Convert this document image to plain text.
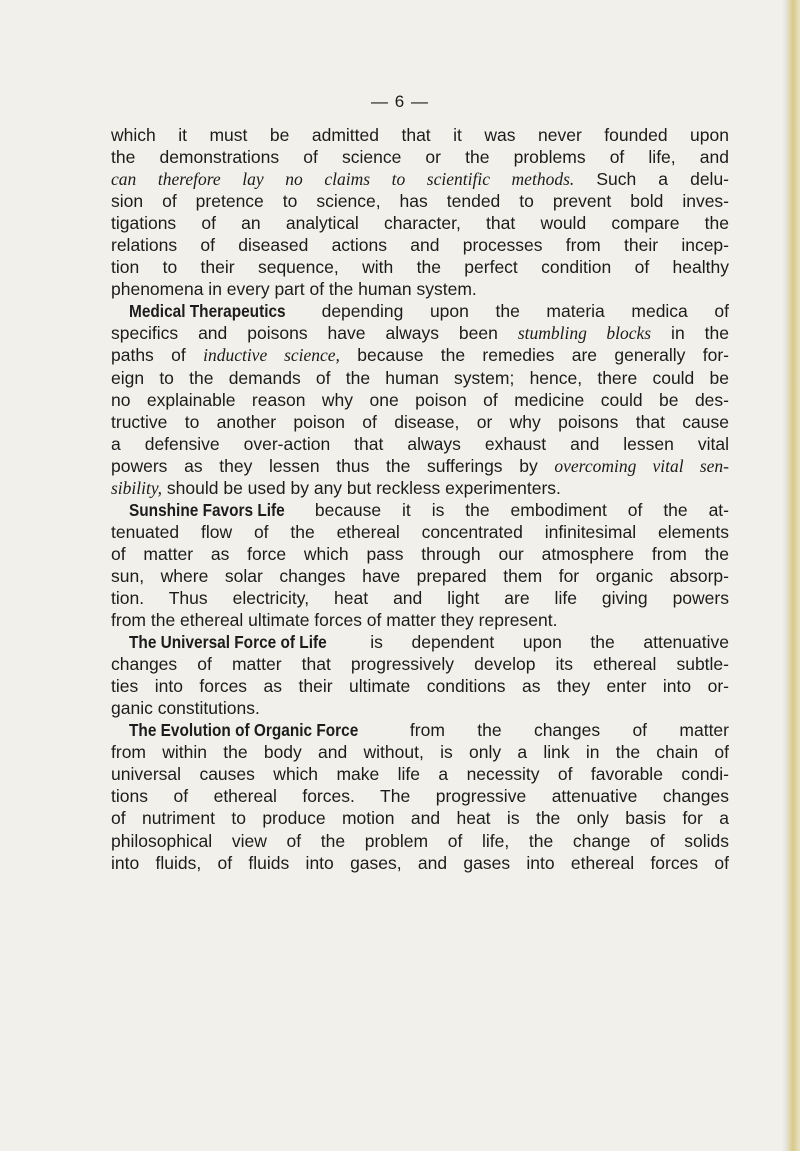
— 6 —
which it must be admitted that it was never founded upon
the demonstrations of science or the problems of life, and
can therefore lay no claims to scientific methods. Such a delu-
sion of pretence to science, has tended to prevent bold inves-
tigations of an analytical character, that would compare the
relations of diseased actions and processes from their incep-
tion to their sequence, with the perfect condition of healthy
phenomena in every part of the human system.
Medical Therapeutics depending upon the materia medica of
specifics and poisons have always been stumbling blocks in the
paths of inductive science, because the remedies are generally for-
eign to the demands of the human system; hence, there could be
no explainable reason why one poison of medicine could be des-
tructive to another poison of disease, or why poisons that cause
a defensive over-action that always exhaust and lessen vital
powers as they lessen thus the sufferings by overcoming vital sen-
sibility, should be used by any but reckless experimenters.
Sunshine Favors Life because it is the embodiment of the at-
tenuated flow of the ethereal concentrated infinitesimal elements
of matter as force which pass through our atmosphere from the
sun, where solar changes have prepared them for organic absorp-
tion. Thus electricity, heat and light are life giving powers
from the ethereal ultimate forces of matter they represent.
The Universal Force of Life is dependent upon the attenuative
changes of matter that progressively develop its ethereal subtle-
ties into forces as their ultimate conditions as they enter into or-
ganic constitutions.
The Evolution of Organic Force from the changes of matter
from within the body and without, is only a link in the chain of
universal causes which make life a necessity of favorable condi-
tions of ethereal forces. The progressive attenuative changes
of nutriment to produce motion and heat is the only basis for a
philosophical view of the problem of life, the change of solids
into fluids, of fluids into gases, and gases into ethereal forces of
